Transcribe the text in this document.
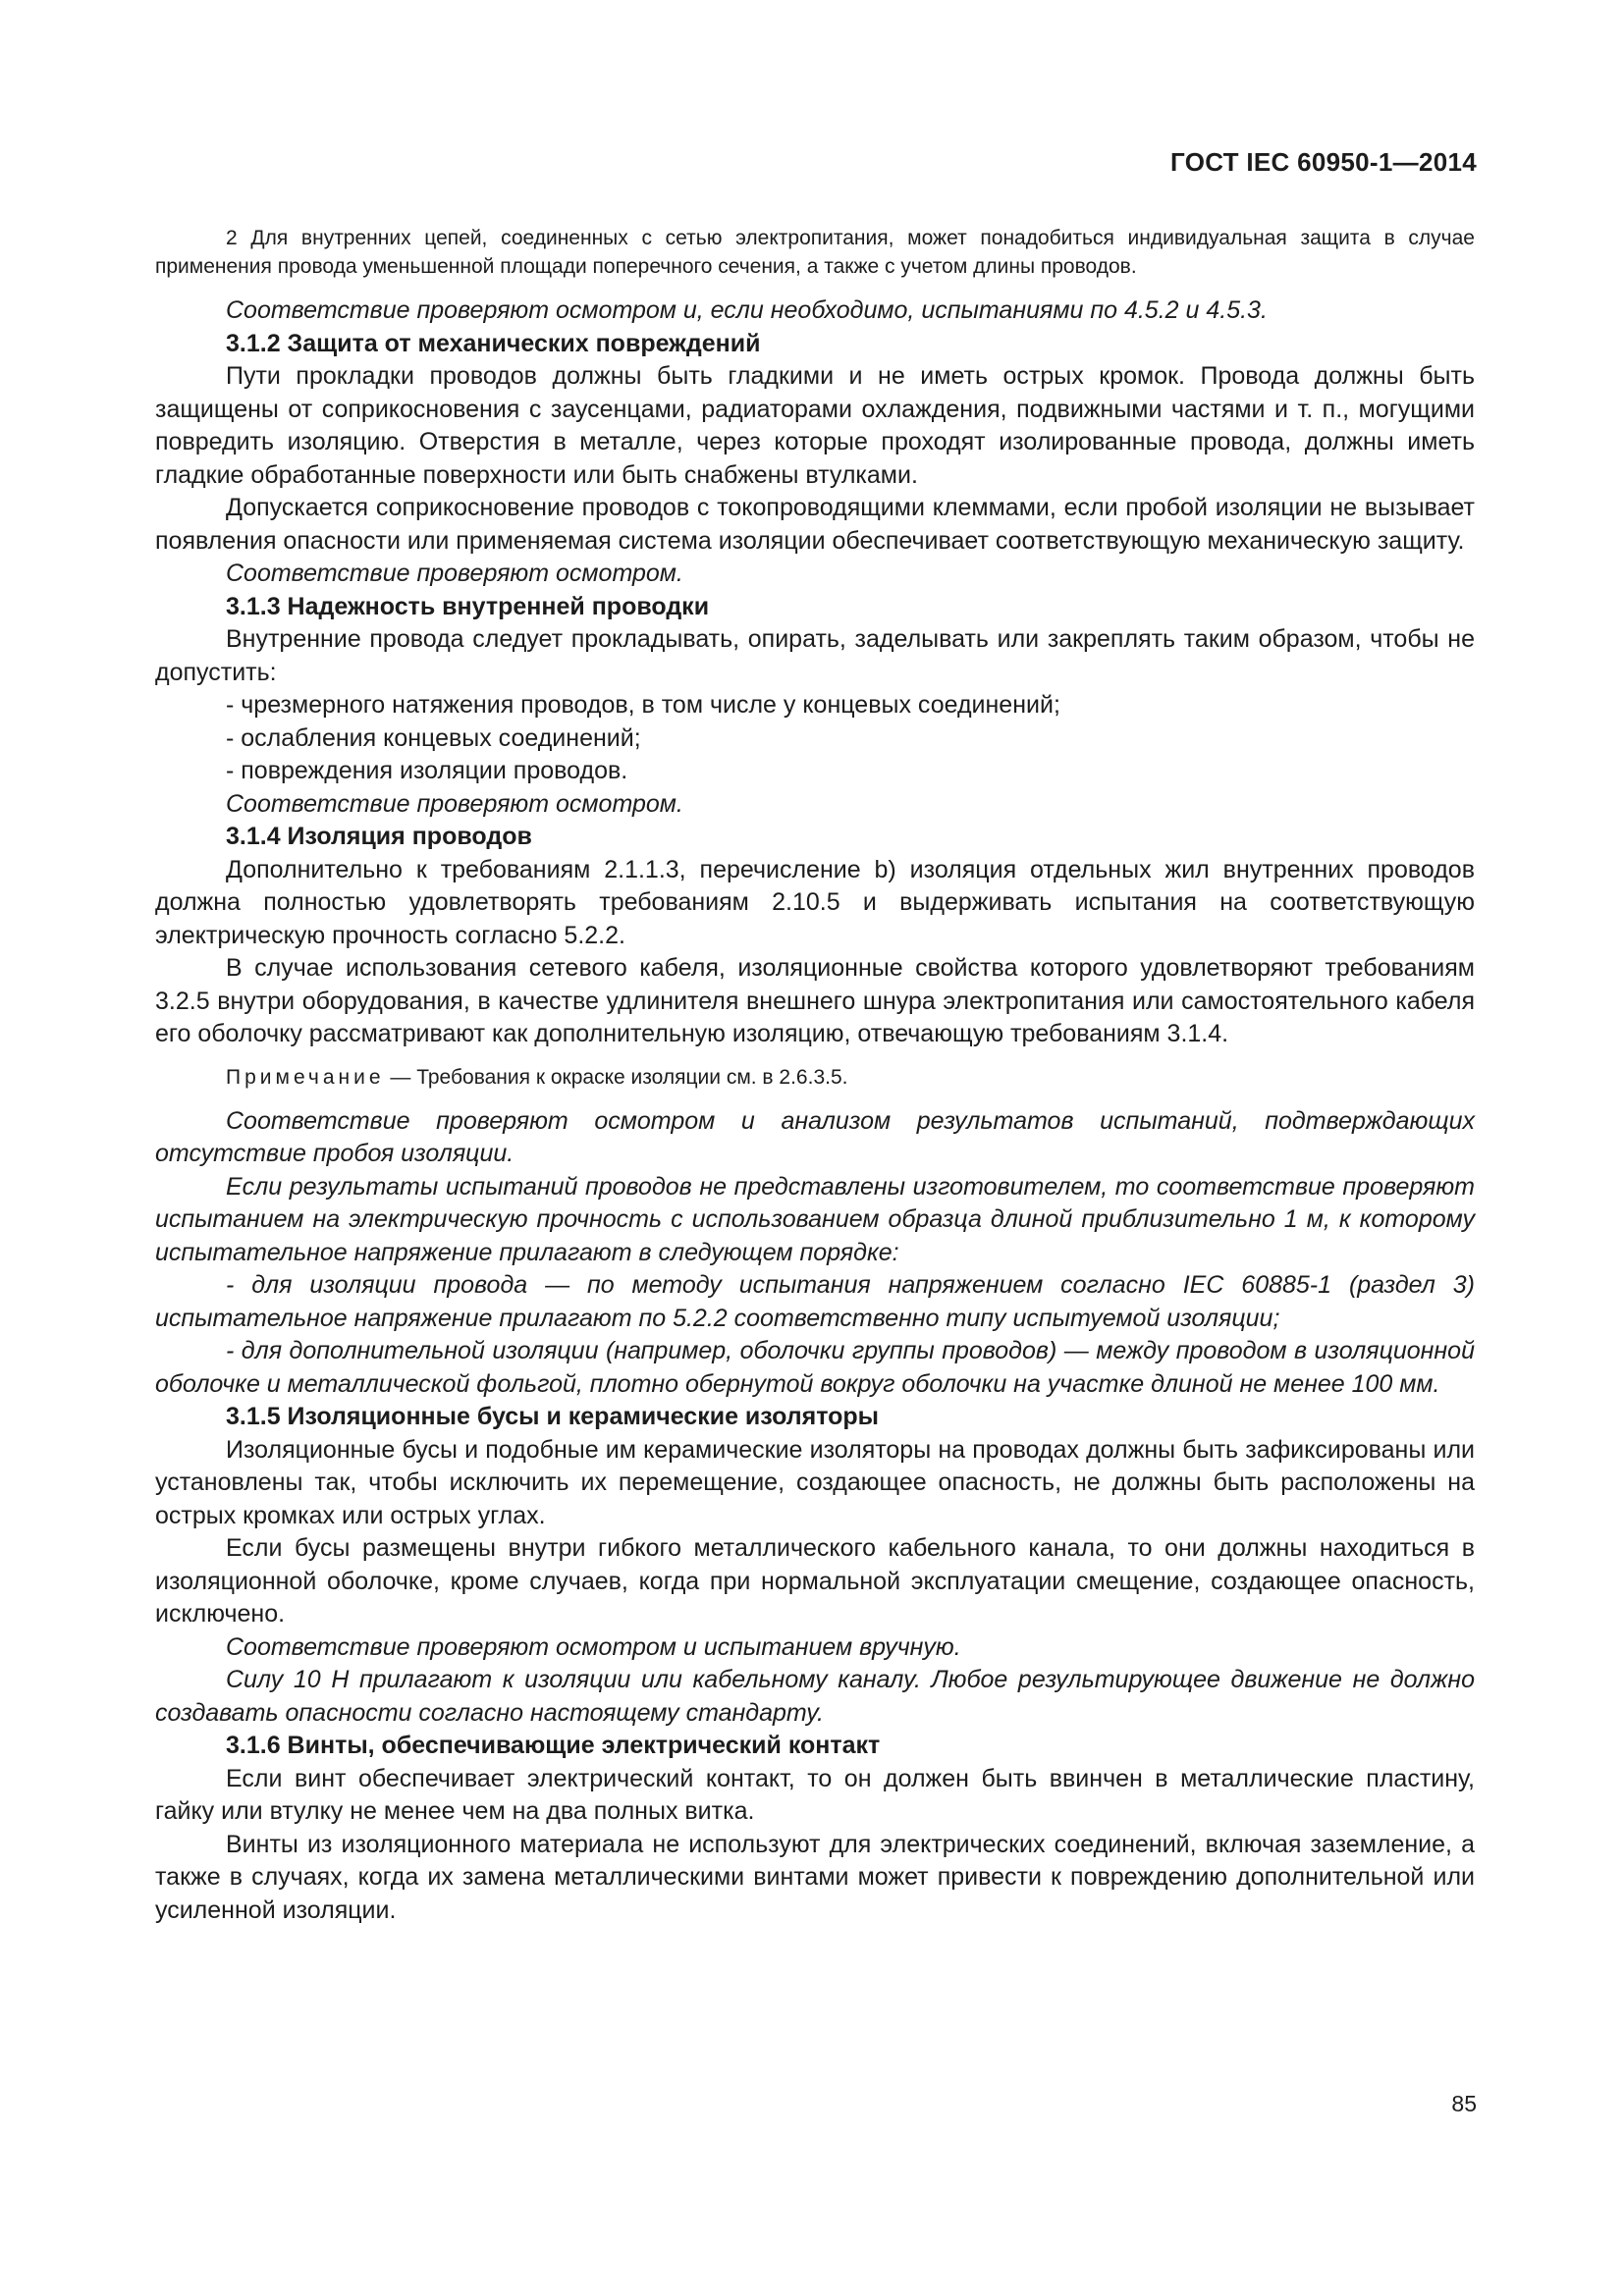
ГОСТ IEC 60950-1—2014

2 Для внутренних цепей, соединенных с сетью электропитания, может понадобиться индивидуальная защита в случае применения провода уменьшенной площади поперечного сечения, а также с учетом длины проводов.

Соответствие проверяют осмотром и, если необходимо, испытаниями по 4.5.2 и 4.5.3.

3.1.2 Защита от механических повреждений

Пути прокладки проводов должны быть гладкими и не иметь острых кромок. Провода должны быть защищены от соприкосновения с заусенцами, радиаторами охлаждения, подвижными частями и т. п., могущими повредить изоляцию. Отверстия в металле, через которые проходят изолированные провода, должны иметь гладкие обработанные поверхности или быть снабжены втулками.

Допускается соприкосновение проводов с токопроводящими клеммами, если пробой изоляции не вызывает появления опасности или применяемая система изоляции обеспечивает соответствующую механическую защиту.

Соответствие проверяют осмотром.

3.1.3 Надежность внутренней проводки

Внутренние провода следует прокладывать, опирать, заделывать или закреплять таким образом, чтобы не допустить:

- чрезмерного натяжения проводов, в том числе у концевых соединений;

- ослабления концевых соединений;

- повреждения изоляции проводов.

Соответствие проверяют осмотром.

3.1.4 Изоляция проводов

Дополнительно к требованиям 2.1.1.3, перечисление b) изоляция отдельных жил внутренних проводов должна полностью удовлетворять требованиям 2.10.5 и выдерживать испытания на соответствующую электрическую прочность согласно 5.2.2.

В случае использования сетевого кабеля, изоляционные свойства которого удовлетворяют требованиям 3.2.5 внутри оборудования, в качестве удлинителя внешнего шнура электропитания или самостоятельного кабеля его оболочку рассматривают как дополнительную изоляцию, отвечающую требованиям 3.1.4.

Примечание — Требования к окраске изоляции см. в 2.6.3.5.

Соответствие проверяют осмотром и анализом результатов испытаний, подтверждающих отсутствие пробоя изоляции.

Если результаты испытаний проводов не представлены изготовителем, то соответствие проверяют испытанием на электрическую прочность с использованием образца длиной приблизительно 1 м, к которому испытательное напряжение прилагают в следующем порядке:

- для изоляции провода — по методу испытания напряжением согласно IEC 60885-1 (раздел 3) испытательное напряжение прилагают по 5.2.2 соответственно типу испытуемой изоляции;

- для дополнительной изоляции (например, оболочки группы проводов) — между проводом в изоляционной оболочке и металлической фольгой, плотно обернутой вокруг оболочки на участке длиной не менее 100 мм.

3.1.5 Изоляционные бусы и керамические изоляторы

Изоляционные бусы и подобные им керамические изоляторы на проводах должны быть зафиксированы или установлены так, чтобы исключить их перемещение, создающее опасность, не должны быть расположены на острых кромках или острых углах.

Если бусы размещены внутри гибкого металлического кабельного канала, то они должны находиться в изоляционной оболочке, кроме случаев, когда при нормальной эксплуатации смещение, создающее опасность, исключено.

Соответствие проверяют осмотром и испытанием вручную.

Силу 10 Н прилагают к изоляции или кабельному каналу. Любое результирующее движение не должно создавать опасности согласно настоящему стандарту.

3.1.6 Винты, обеспечивающие электрический контакт

Если винт обеспечивает электрический контакт, то он должен быть ввинчен в металлические пластину, гайку или втулку не менее чем на два полных витка.

Винты из изоляционного материала не используют для электрических соединений, включая заземление, а также в случаях, когда их замена металлическими винтами может привести к повреждению дополнительной или усиленной изоляции.

85
